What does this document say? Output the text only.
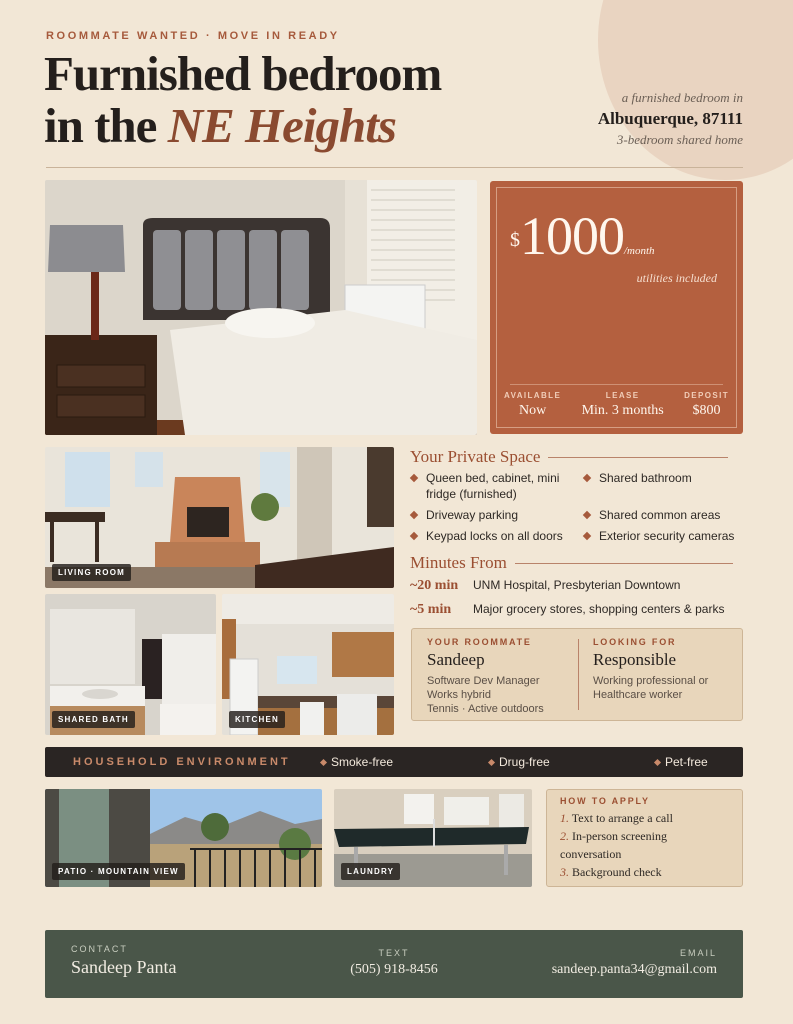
ROOMMATE WANTED · MOVE IN READY
Furnished bedroom
in the NE Heights
a furnished bedroom in
Albuquerque, 87111
3-bedroom shared home
$1000/month
utilities included
AVAILABLE
Now
LEASE
Min. 3 months
DEPOSIT
$800
LIVING ROOM
SHARED BATH	KITCHEN
Your Private Space
Queen bed, cabinet, mini fridge (furnished)
Shared bathroom
Driveway parking	Shared common areas
Keypad locks on all doors	Exterior security cameras
Minutes From
~20 min UNM Hospital, Presbyterian Downtown
~5 min Major grocery stores, shopping centers & parks
YOUR ROOMMATE
Sandeep
Software Dev Manager
Works hybrid
Tennis · Active outdoors
LOOKING FOR
Responsible
Working professional or
Healthcare worker
HOUSEHOLD ENVIRONMENT	Smoke-free	Drug-free	Pet-free
PATIO · MOUNTAIN VIEW	LAUNDRY
HOW TO APPLY
1. Text to arrange a call
2. In-person screening conversation
3. Background check
CONTACT
Sandeep Panta
TEXT
(505) 918-8456
EMAIL
sandeep.panta34@gmail.com
